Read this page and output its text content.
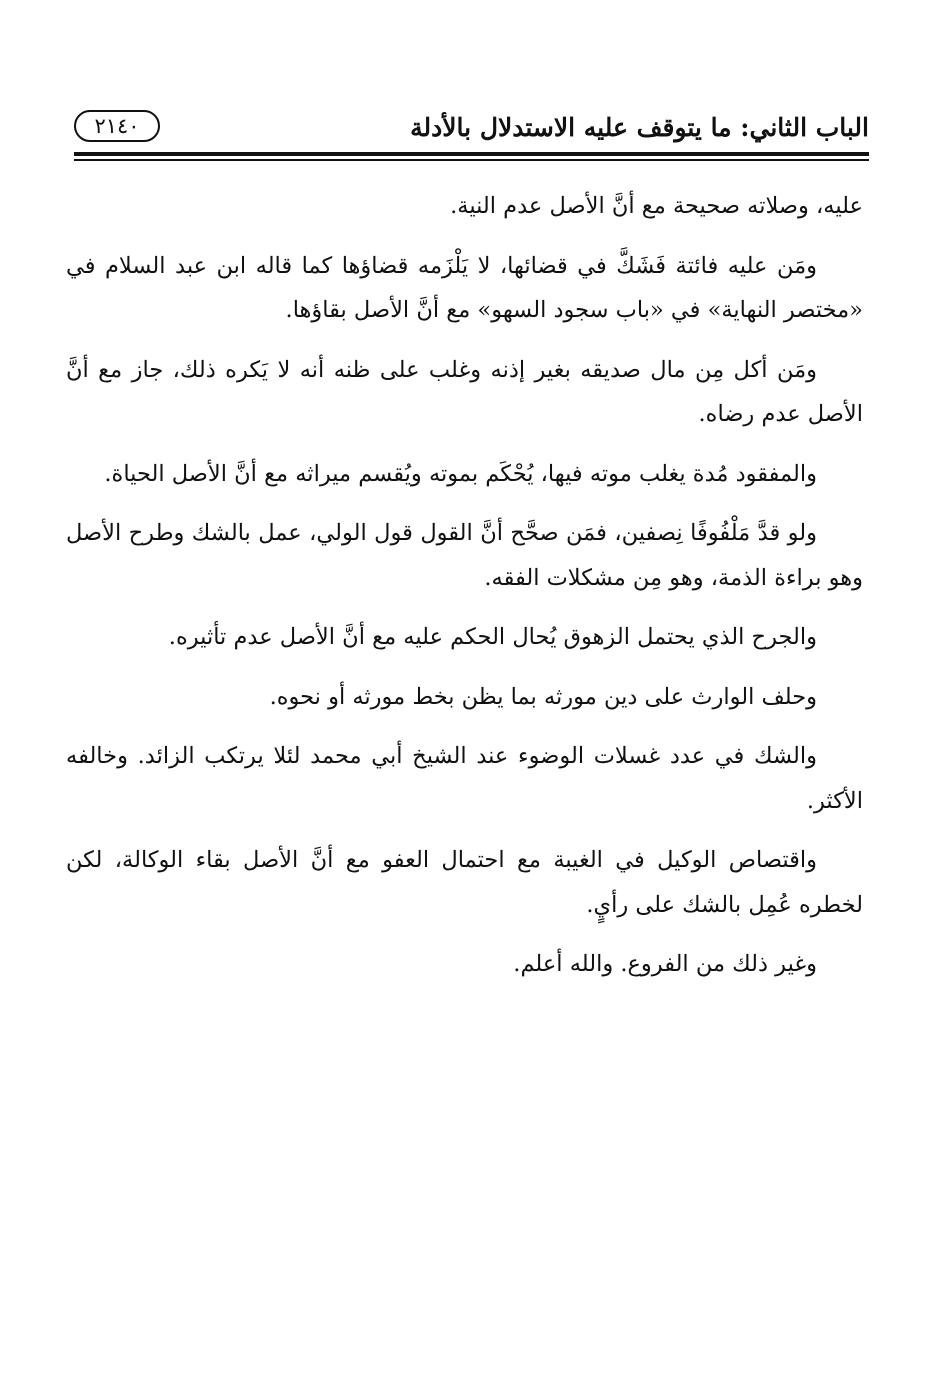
الباب الثاني: ما يتوقف عليه الاستدلال بالأدلة
٢١٤٠

عليه، وصلاته صحيحة مع أنَّ الأصل عدم النية.

ومَن عليه فائتة فَشَكَّ في قضائها، لا يَلْزَمه قضاؤها كما قاله ابن عبد السلام في «مختصر النهاية» في «باب سجود السهو» مع أنَّ الأصل بقاؤها.

ومَن أكل مِن مال صديقه بغير إذنه وغلب على ظنه أنه لا يَكره ذلك، جاز مع أنَّ الأصل عدم رضاه.

والمفقود مُدة يغلب موته فيها، يُحْكَم بموته ويُقسم ميراثه مع أنَّ الأصل الحياة.

ولو قدَّ مَلْفُوفًا نِصفين، فمَن صحَّح أنَّ القول قول الولي، عمل بالشك وطرح الأصل وهو براءة الذمة، وهو مِن مشكلات الفقه.

والجرح الذي يحتمل الزهوق يُحال الحكم عليه مع أنَّ الأصل عدم تأثيره.

وحلف الوارث على دين مورثه بما يظن بخط مورثه أو نحوه.

والشك في عدد غسلات الوضوء عند الشيخ أبي محمد لئلا يرتكب الزائد. وخالفه الأكثر.

واقتصاص الوكيل في الغيبة مع احتمال العفو مع أنَّ الأصل بقاء الوكالة، لكن لخطره عُمِل بالشك على رأيٍ.

وغير ذلك من الفروع. والله أعلم.
